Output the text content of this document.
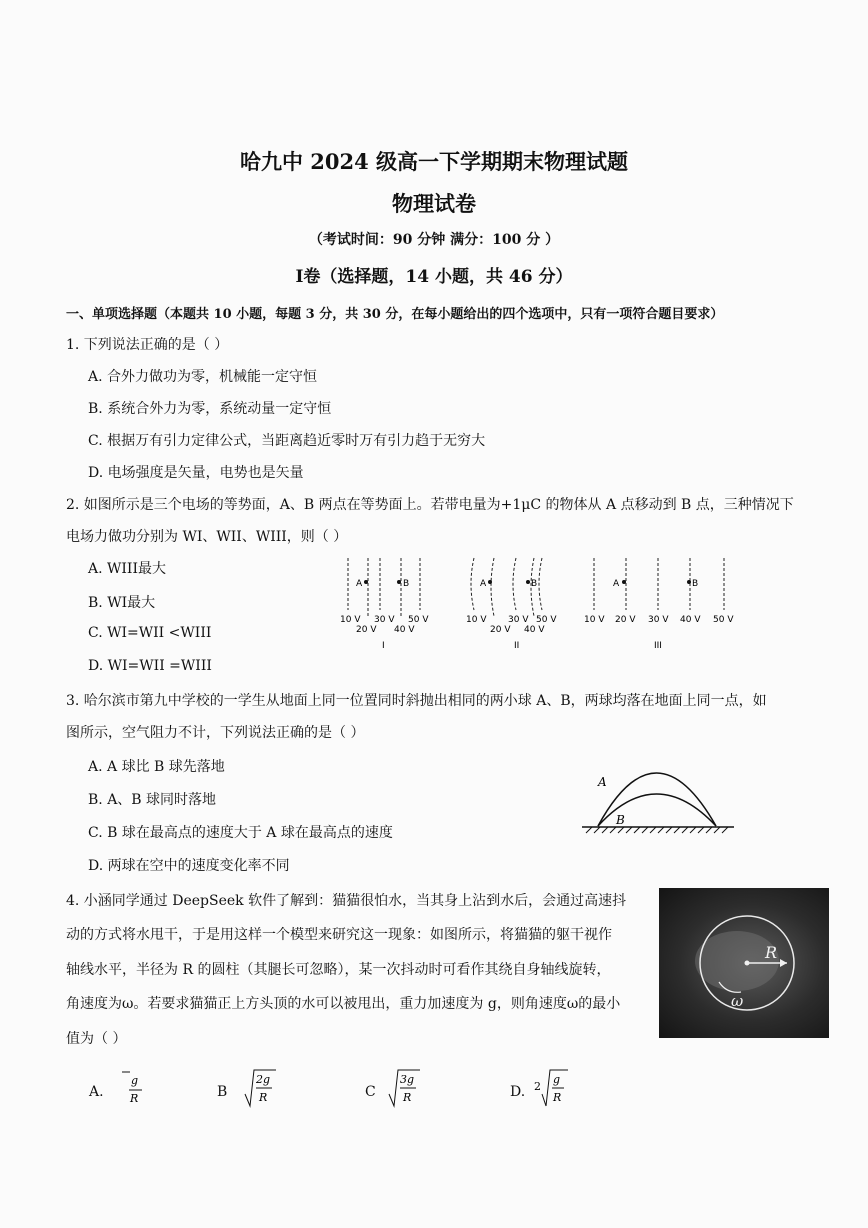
哈九中 2024 级高一下学期期末物理试题
物理试卷
（考试时间：90 分钟 满分：100 分 ）
I卷（选择题，14 小题，共 46 分）
一、单项选择题（本题共 10 小题，每题 3 分，共 30 分，在每小题给出的四个选项中，只有一项符合题目要求）
1. 下列说法正确的是（ ）
A. 合外力做功为零，机械能一定守恒
B. 系统合外力为零，系统动量一定守恒
C. 根据万有引力定律公式，当距离趋近零时万有引力趋于无穷大
D. 电场强度是矢量，电势也是矢量
2. 如图所示是三个电场的等势面，A、B 两点在等势面上。若带电量为+1μC 的物体从 A 点移动到 B 点，三种情况下
电场力做功分别为 WI、WII、WIII，则（ ）
A. WIII最大
B. WI最大
C. WI=WII <WIII
D. WI=WII =WIII
A	B
10 V
20 V
30 V
40 V
50 V
I
A	B
10 V
20 V
30 V
40 V
50 V
II
A	B
10 V 20 V 30 V 40 V 50 V
III
3. 哈尔滨市第九中学校的一学生从地面上同一位置同时斜抛出相同的两小球 A、B，两球均落在地面上同一点，如
图所示，空气阻力不计，下列说法正确的是（ ）
A. A 球比 B 球先落地
B. A、B 球同时落地
C. B 球在最高点的速度大于 A 球在最高点的速度
D. 两球在空中的速度变化率不同
A
B
4. 小涵同学通过 DeepSeek 软件了解到：猫猫很怕水，当其身上沾到水后，会通过高速抖
动的方式将水甩干，于是用这样一个模型来研究这一现象：如图所示，将猫猫的躯干视作
轴线水平，半径为 R 的圆柱（其腿长可忽略），某一次抖动时可看作其绕自身轴线旋转，
角速度为ω。若要求猫猫正上方头顶的水可以被甩出，重力加速度为 g，则角速度ω的最小
值为（ ）
R
ω
A.
g
R	B
2g
R	C
3g
R	D. 2
g
R
